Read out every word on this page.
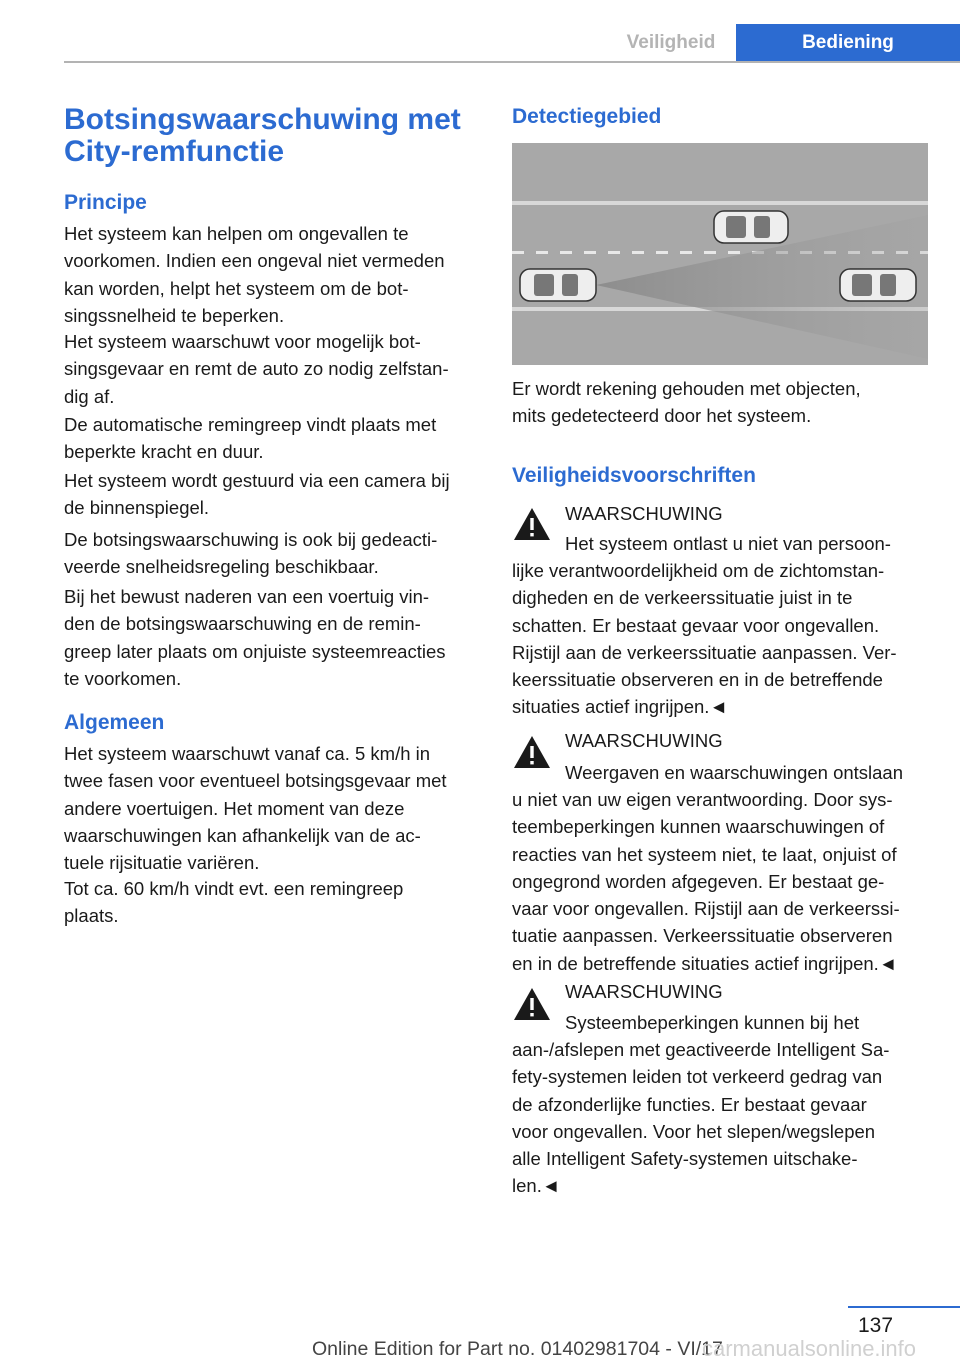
Veiligheid	Bediening
Botsingswaarschuwing met
City-remfunctie
Principe
Het systeem kan helpen om ongevallen te
voorkomen. Indien een ongeval niet vermeden
kan worden, helpt het systeem om de bot-
singssnelheid te beperken.
Het systeem waarschuwt voor mogelijk bot-
singsgevaar en remt de auto zo nodig zelfstan-
dig af.
De automatische remingreep vindt plaats met
beperkte kracht en duur.
Het systeem wordt gestuurd via een camera bij
de binnenspiegel.
De botsingswaarschuwing is ook bij gedeacti-
veerde snelheidsregeling beschikbaar.
Bij het bewust naderen van een voertuig vin-
den de botsingswaarschuwing en de remin-
greep later plaats om onjuiste systeemreacties
te voorkomen.
Algemeen
Het systeem waarschuwt vanaf ca. 5 km/h in
twee fasen voor eventueel botsingsgevaar met
andere voertuigen. Het moment van deze
waarschuwingen kan afhankelijk van de ac-
tuele rijsituatie variëren.
Tot ca. 60 km/h vindt evt. een remingreep
plaats.
Detectiegebied
Er wordt rekening gehouden met objecten,
mits gedetecteerd door het systeem.
Veiligheidsvoorschriften
WAARSCHUWING
Het systeem ontlast u niet van persoon-
lijke verantwoordelijkheid om de zichtomstan-
digheden en de verkeerssituatie juist in te
schatten. Er bestaat gevaar voor ongevallen.
Rijstijl aan de verkeerssituatie aanpassen. Ver-
keerssituatie observeren en in de betreffende
situaties actief ingrijpen.◄
WAARSCHUWING
Weergaven en waarschuwingen ontslaan
u niet van uw eigen verantwoording. Door sys-
teembeperkingen kunnen waarschuwingen of
reacties van het systeem niet, te laat, onjuist of
ongegrond worden afgegeven. Er bestaat ge-
vaar voor ongevallen. Rijstijl aan de verkeerssi-
tuatie aanpassen. Verkeerssituatie observeren
en in de betreffende situaties actief ingrijpen.◄
WAARSCHUWING
Systeembeperkingen kunnen bij het
aan-/afslepen met geactiveerde Intelligent Sa-
fety-systemen leiden tot verkeerd gedrag van
de afzonderlijke functies. Er bestaat gevaar
voor ongevallen. Voor het slepen/wegslepen
alle Intelligent Safety-systemen uitschake-
len.◄
137
Online Edition for Part no. 01402981704 - VI/17
carmanualsonline.info
